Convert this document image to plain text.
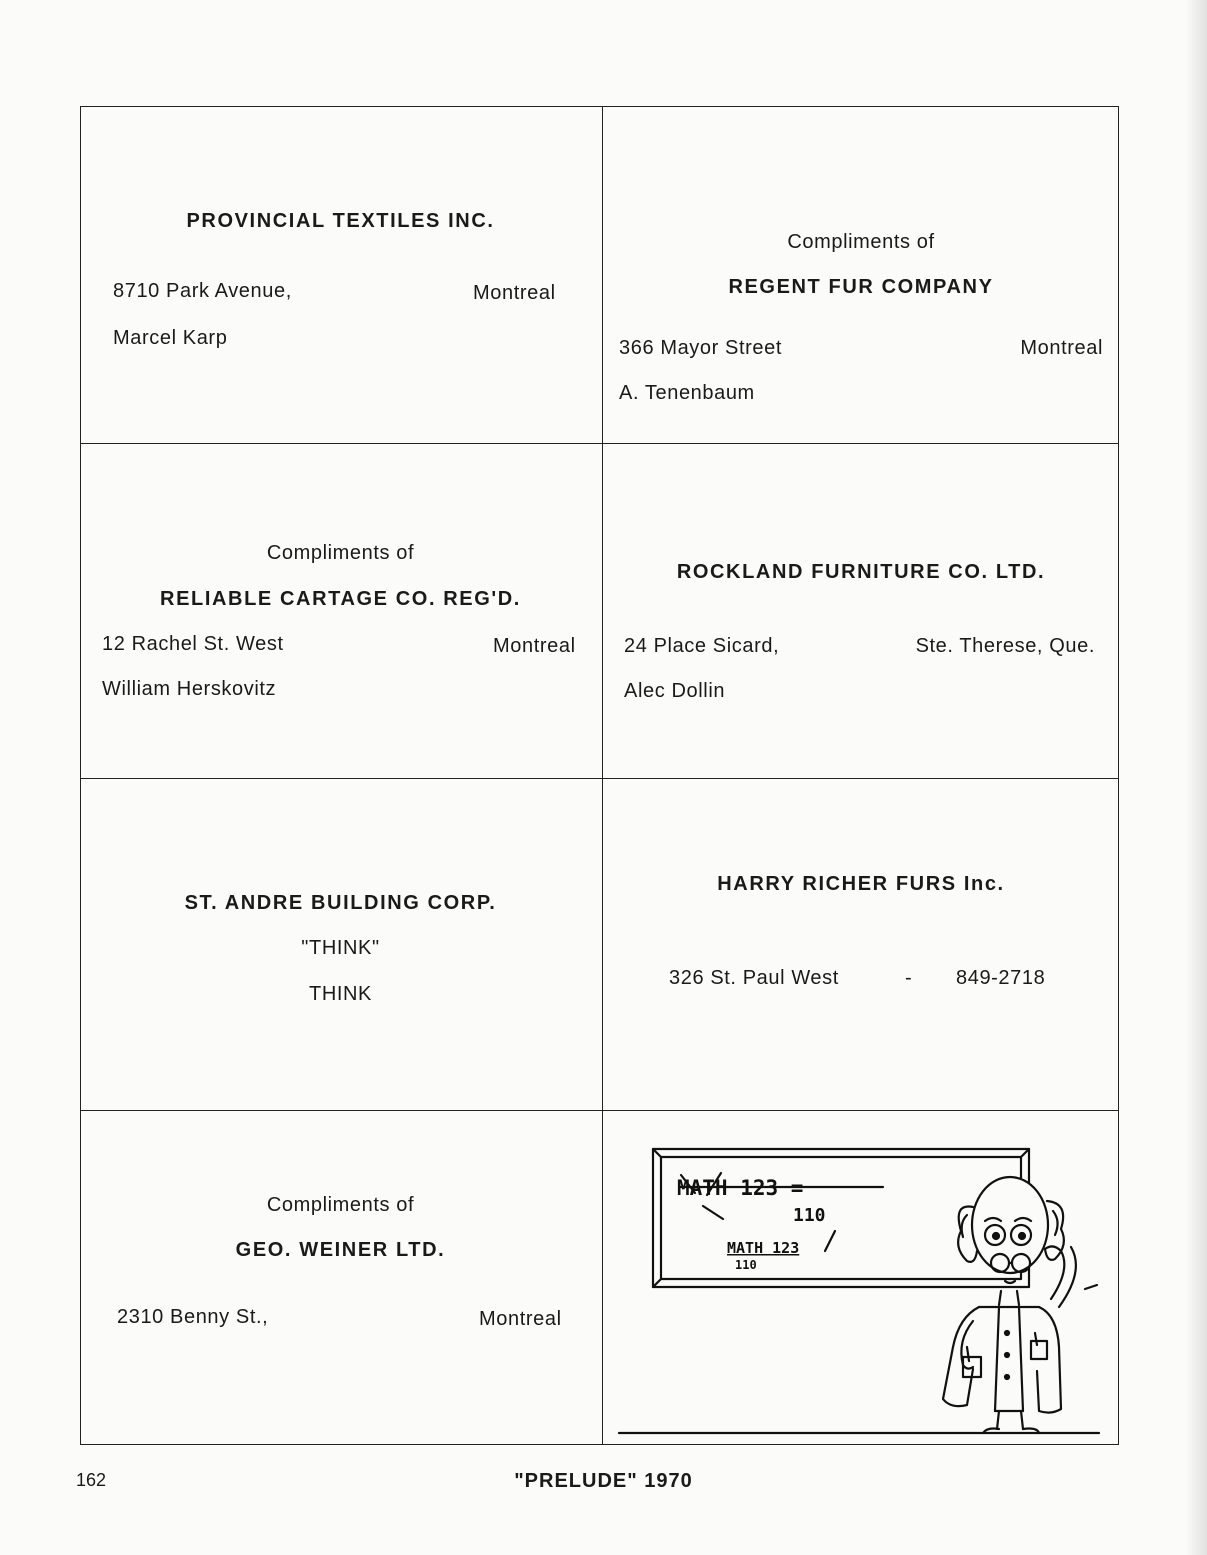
PROVINCIAL TEXTILES INC.
8710 Park Avenue,	Montreal
Marcel Karp
Compliments of
REGENT FUR COMPANY
366 Mayor Street	Montreal
A. Tenenbaum
Compliments of
RELIABLE CARTAGE CO. REG'D.
12 Rachel St. West	Montreal
William Herskovitz
ROCKLAND FURNITURE CO. LTD.
24 Place Sicard,	Ste. Therese, Que.
Alec Dollin
ST. ANDRE BUILDING CORP.
"THINK"
THINK
HARRY RICHER FURS Inc.
326 St. Paul West	- 849-2718
Compliments of
GEO. WEINER LTD.
2310 Benny St.,	Montreal
MATH 123 =
110
MATH 123
110
162	"PRELUDE" 1970
